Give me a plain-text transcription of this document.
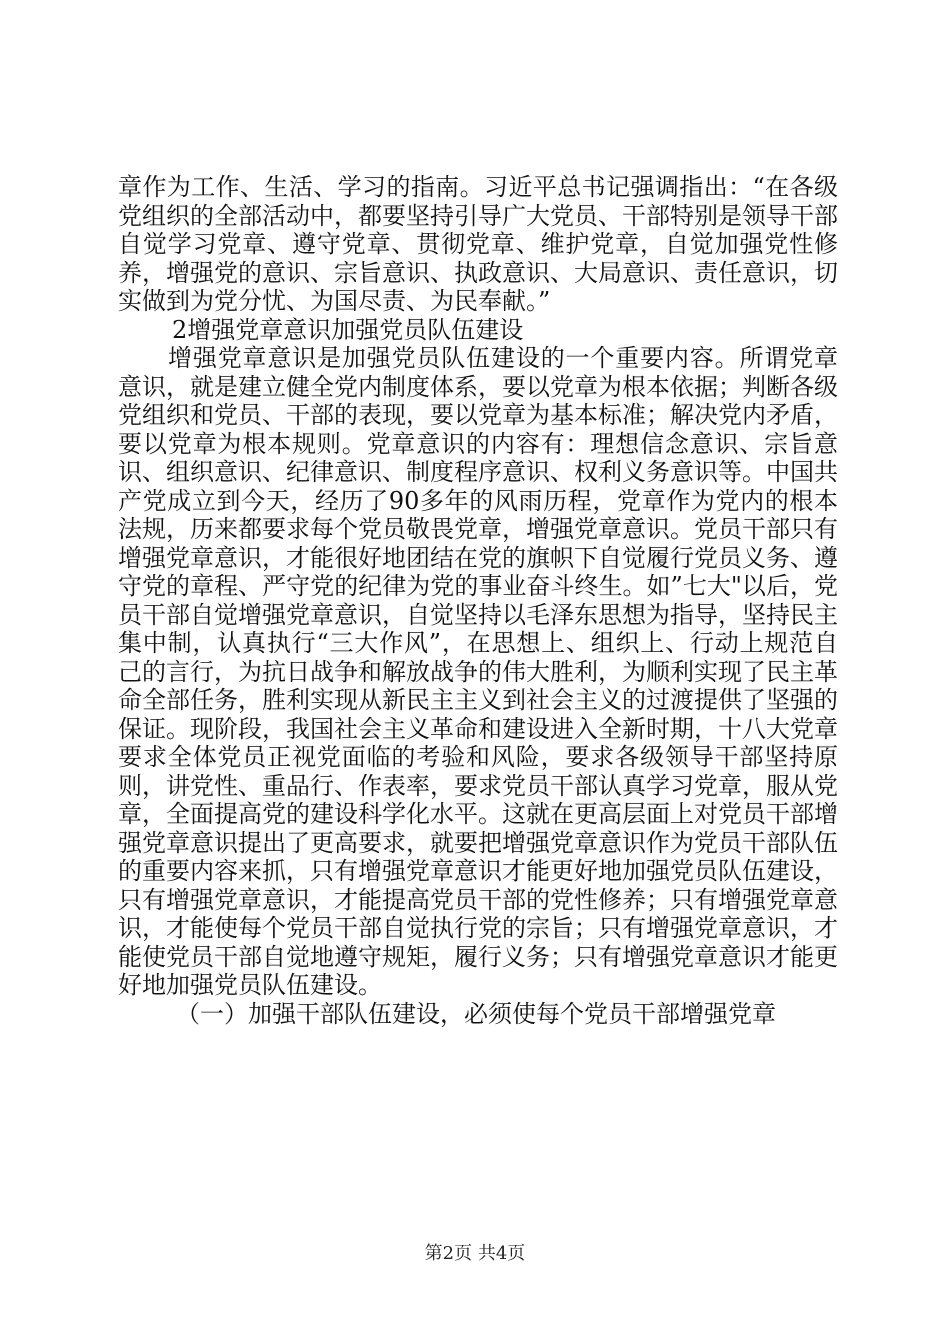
章作为工作、生活、学习的指南。习近平总书记强调指出：“在各级党组织的全部活动中，都要坚持引导广大党员、干部特别是领导干部自觉学习党章、遵守党章、贯彻党章、维护党章，自觉加强党性修养，增强党的意识、宗旨意识、执政意识、大局意识、责任意识，切实做到为党分忧、为国尽责、为民奉献。”

2增强党章意识加强党员队伍建设

增强党章意识是加强党员队伍建设的一个重要内容。所谓党章意识，就是建立健全党内制度体系，要以党章为根本依据；判断各级党组织和党员、干部的表现，要以党章为基本标准；解决党内矛盾，要以党章为根本规则。党章意识的内容有：理想信念意识、宗旨意识、组织意识、纪律意识、制度程序意识、权利义务意识等。中国共产党成立到今天，经历了90多年的风雨历程，党章作为党内的根本法规，历来都要求每个党员敬畏党章，增强党章意识。党员干部只有增强党章意识，才能很好地团结在党的旗帜下自觉履行党员义务、遵守党的章程、严守党的纪律为党的事业奋斗终生。如”七大"以后，党员干部自觉增强党章意识，自觉坚持以毛泽东思想为指导，坚持民主集中制，认真执行“三大作风”，在思想上、组织上、行动上规范自己的言行，为抗日战争和解放战争的伟大胜利，为顺利实现了民主革命全部任务，胜利实现从新民主主义到社会主义的过渡提供了坚强的保证。现阶段，我国社会主义革命和建设进入全新时期，十八大党章要求全体党员正视党面临的考验和风险，要求各级领导干部坚持原则，讲党性、重品行、作表率，要求党员干部认真学习党章，服从党章，全面提高党的建设科学化水平。这就在更高层面上对党员干部增强党章意识提出了更高要求，就要把增强党章意识作为党员干部队伍的重要内容来抓，只有增强党章意识才能更好地加强党员队伍建设，只有增强党章意识，才能提高党员干部的党性修养；只有增强党章意识，才能使每个党员干部自觉执行党的宗旨；只有增强党章意识，才能使党员干部自觉地遵守规矩，履行义务；只有增强党章意识才能更好地加强党员队伍建设。

（一）加强干部队伍建设，必须使每个党员干部增强党章

第2页 共4页
